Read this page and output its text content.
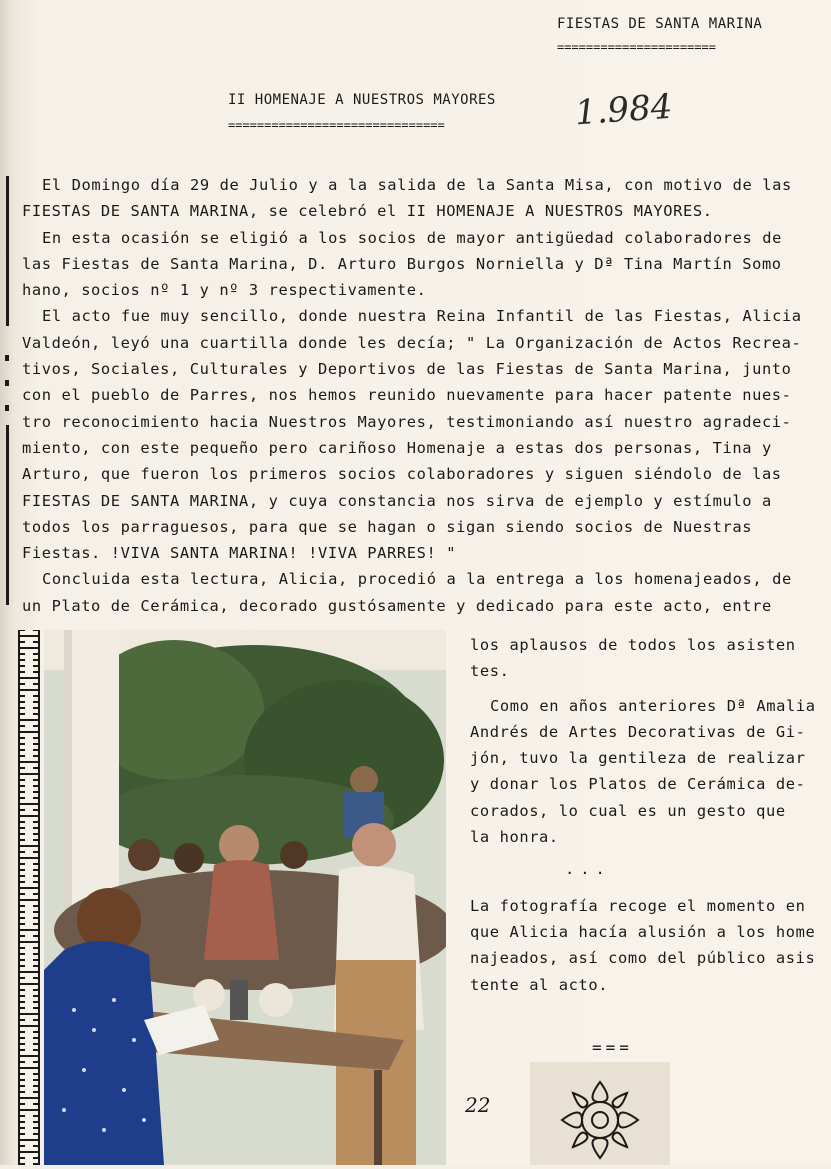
FIESTAS DE SANTA MARINA
======================
II HOMENAJE A NUESTROS MAYORES
==============================	1.984

El Domingo día 29 de Julio y a la salida de la Santa Misa, con motivo de las

FIESTAS DE SANTA MARINA, se celebró el II HOMENAJE A NUESTROS MAYORES.

En esta ocasión se eligió a los socios de mayor antigüedad colaboradores de

las Fiestas de Santa Marina, D. Arturo Burgos Norniella y Dª Tina Martín Somo

hano, socios nº 1 y nº 3 respectivamente.

El acto fue muy sencillo, donde nuestra Reina Infantil de las Fiestas, Alicia

Valdeón, leyó una cuartilla donde les decía; " La Organización de Actos Recrea-

tivos, Sociales, Culturales y Deportivos de las Fiestas de Santa Marina, junto

con el pueblo de Parres, nos hemos reunido nuevamente para hacer patente nues-

tro reconocimiento hacia Nuestros Mayores, testimoniando así nuestro agradeci-

miento, con este pequeño pero cariñoso Homenaje a estas dos personas, Tina y

Arturo, que fueron los primeros socios colaboradores y siguen siéndolo de las

FIESTAS DE SANTA MARINA, y cuya constancia nos sirva de ejemplo y estímulo a

todos los parraguesos, para que se hagan o sigan siendo socios de Nuestras

Fiestas. !VIVA SANTA MARINA! !VIVA PARRES! "

Concluida esta lectura, Alicia, procedió a la entrega a los homenajeados, de

un Plato de Cerámica, decorado gustósamente y dedicado para este acto, entre

los aplausos de todos los asisten

tes.

Como en años anteriores Dª Amalia

Andrés de Artes Decorativas de Gi-

jón, tuvo la gentileza de realizar

y donar los Platos de Cerámica de-

corados, lo cual es un gesto que

la honra.

...

La fotografía recoge el momento en

que Alicia hacía alusión a los home

najeados, así como del público asis

tente al acto.

===
22
